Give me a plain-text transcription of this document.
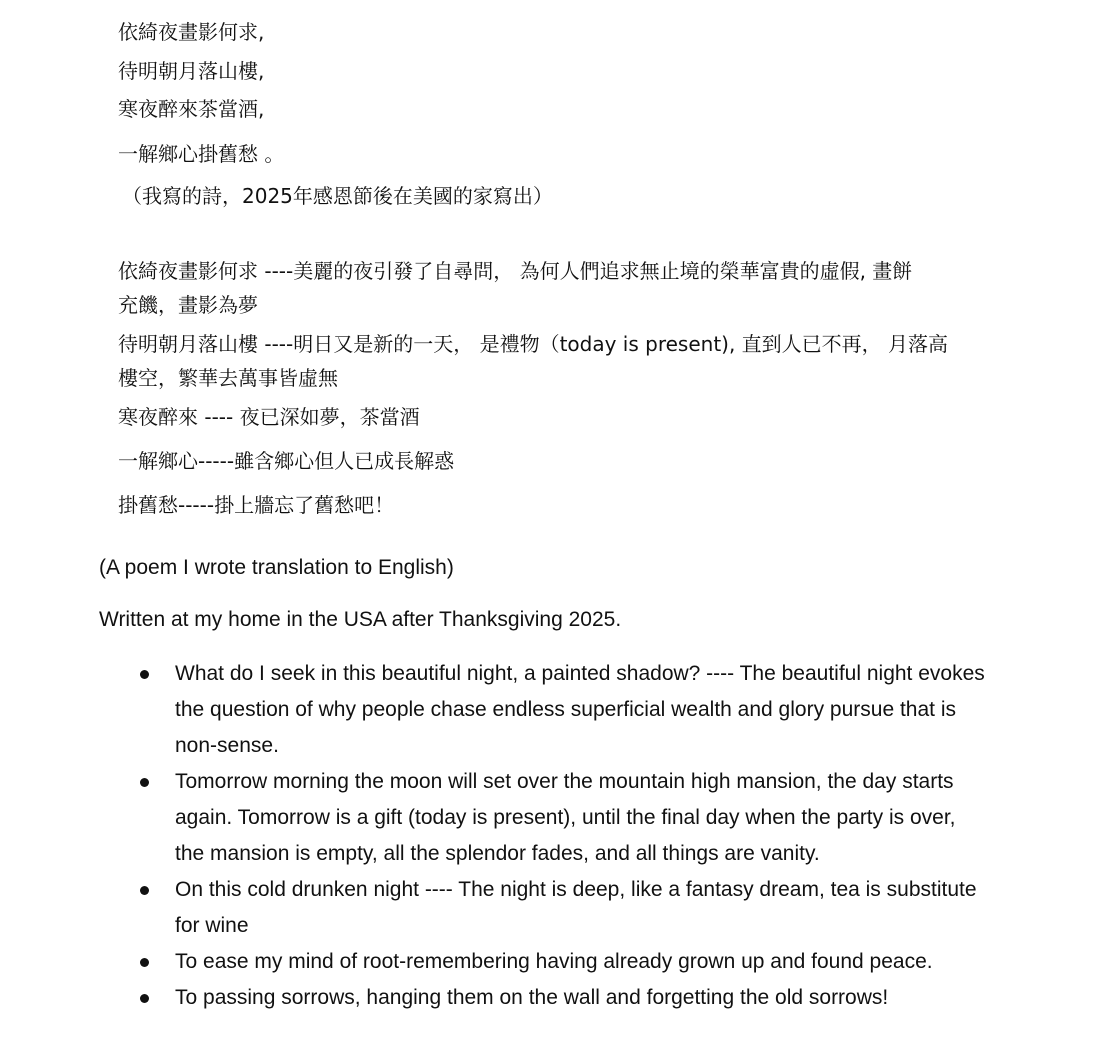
依綺夜畫影何求,
待明朝月落山樓,
寒夜醉來茶當酒,
一解鄉心掛舊愁 。
（我寫的詩，2025年感恩節後在美國的家寫出）
依綺夜畫影何求 ----美麗的夜引發了自尋問， 為何人們追求無止境的榮華富貴的虛假, 畫餅
充饑，畫影為夢
待明朝月落山樓 ----明日又是新的一天， 是禮物（today is present), 直到人已不再， 月落高
樓空，繁華去萬事皆虛無
寒夜醉來 ---- 夜已深如夢，茶當酒
一解鄉心-----雖含鄉心但人已成長解惑
掛舊愁-----掛上牆忘了舊愁吧！
(A poem I wrote translation to English)
Written at my home in the USA after Thanksgiving 2025.
What do I seek in this beautiful night, a painted shadow? ---- The beautiful night evokes
the question of why people chase endless superficial wealth and glory pursue that is
non-sense.
Tomorrow morning the moon will set over the mountain high mansion, the day starts
again. Tomorrow is a gift (today is present), until the final day when the party is over,
the mansion is empty, all the splendor fades, and all things are vanity.
On this cold drunken night ---- The night is deep, like a fantasy dream, tea is substitute
for wine
To ease my mind of root-remembering having already grown up and found peace.
To passing sorrows, hanging them on the wall and forgetting the old sorrows!
